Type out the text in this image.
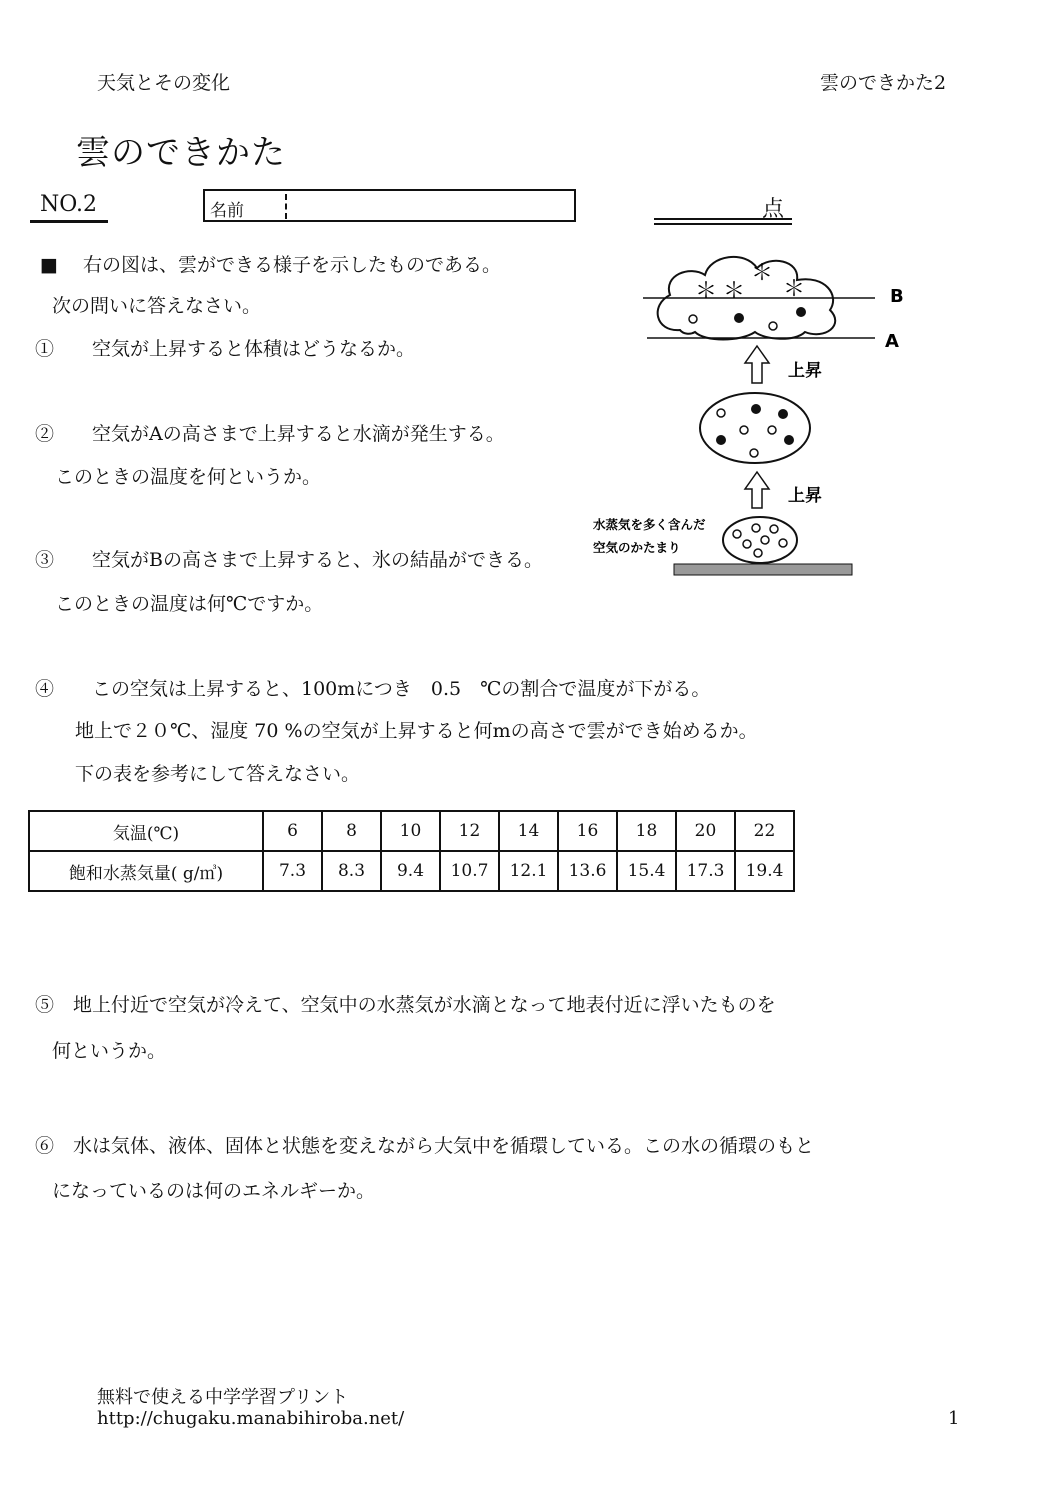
天気とその変化	雲のできかた2
雲のできかた
NO.2	名前	点
■　 右の図は、雲ができる様子を示したものである。
次の問いに答えなさい。
①　　空気が上昇すると体積はどうなるか。
②　　空気がAの高さまで上昇すると水滴が発生する。
このときの温度を何というか。
③　　空気がBの高さまで上昇すると、氷の結晶ができる。
このときの温度は何℃ですか。
④　　この空気は上昇すると、100mにつき　0.5　℃の割合で温度が下がる。
地上で２０℃、湿度 70 %の空気が上昇すると何mの高さで雲ができ始めるか。
下の表を参考にして答えなさい。
気温(℃)	6	8	10	12	14	16	18	20	22
飽和水蒸気量( g/㎥)	7.3	8.3	9.4	10.7	12.1	13.6	15.4	17.3	19.4
⑤　地上付近で空気が冷えて、空気中の水蒸気が水滴となって地表付近に浮いたものを
何というか。
⑥　水は気体、液体、固体と状態を変えながら大気中を循環している。この水の循環のもと
になっているのは何のエネルギーか。
B
A
＊ ＊
＊
＊
上昇
上昇
水蒸気を多く含んだ
空気のかたまり
無料で使える中学学習プリント
http://chugaku.manabihiroba.net/	1
